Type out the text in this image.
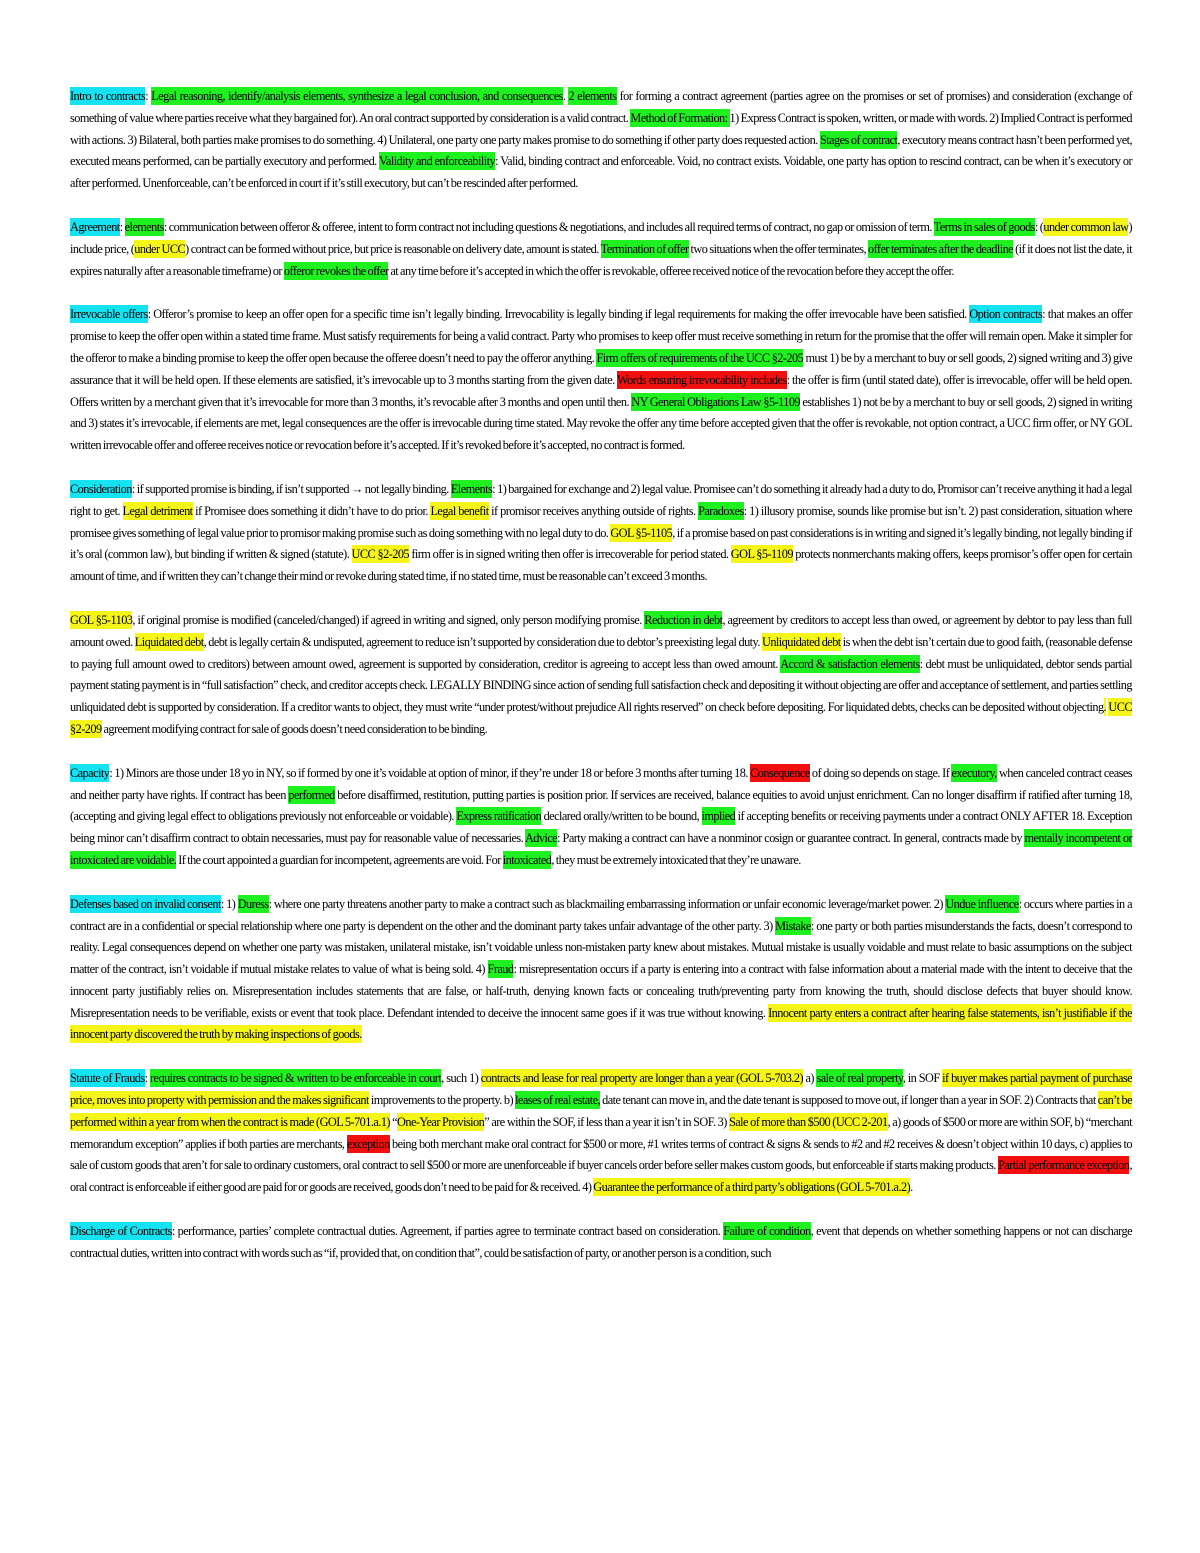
Intro to contracts: Legal reasoning, identify/analysis elements, synthesize a legal conclusion, and consequences. 2 elements for forming a contract agreement (parties agree on the promises or set of promises) and consideration (exchange of something of value where parties receive what they bargained for). An oral contract supported by consideration is a valid contract. Method of Formation: 1) Express Contract is spoken, written, or made with words. 2) Implied Contract is performed with actions. 3) Bilateral, both parties make promises to do something. 4) Unilateral, one party one party makes promise to do something if other party does requested action. Stages of contract, executory means contract hasn’t been performed yet, executed means performed, can be partially executory and performed. Validity and enforceability: Valid, binding contract and enforceable. Void, no contract exists. Voidable, one party has option to rescind contract, can be when it’s executory or after performed. Unenforceable, can’t be enforced in court if it’s still executory, but can’t be rescinded after performed.

Agreement: elements: communication between offeror & offeree, intent to form contract not including questions & negotiations, and includes all required terms of contract, no gap or omission of term. Terms in sales of goods: (under common law) include price, (under UCC) contract can be formed without price, but price is reasonable on delivery date, amount is stated. Termination of offer two situations when the offer terminates, offer terminates after the deadline (if it does not list the date, it expires naturally after a reasonable timeframe) or offeror revokes the offer at any time before it’s accepted in which the offer is revokable, offeree received notice of the revocation before they accept the offer.

Irrevocable offers: Offeror’s promise to keep an offer open for a specific time isn’t legally binding. Irrevocability is legally binding if legal requirements for making the offer irrevocable have been satisfied. Option contracts: that makes an offer promise to keep the offer open within a stated time frame. Must satisfy requirements for being a valid contract. Party who promises to keep offer must receive something in return for the promise that the offer will remain open. Make it simpler for the offeror to make a binding promise to keep the offer open because the offeree doesn’t need to pay the offeror anything. Firm offers of requirements of the UCC §2-205 must 1) be by a merchant to buy or sell goods, 2) signed writing and 3) give assurance that it will be held open. If these elements are satisfied, it’s irrevocable up to 3 months starting from the given date. Words ensuring irrevocability includes: the offer is firm (until stated date), offer is irrevocable, offer will be held open. Offers written by a merchant given that it’s irrevocable for more than 3 months, it’s revocable after 3 months and open until then. NY General Obligations Law §5-1109 establishes 1) not be by a merchant to buy or sell goods, 2) signed in writing and 3) states it’s irrevocable, if elements are met, legal consequences are the offer is irrevocable during time stated. May revoke the offer any time before accepted given that the offer is revokable, not option contract, a UCC firm offer, or NY GOL written irrevocable offer and offeree receives notice or revocation before it’s accepted. If it’s revoked before it’s accepted, no contract is formed.

Consideration: if supported promise is binding, if isn’t supported → not legally binding. Elements: 1) bargained for exchange and 2) legal value. Promisee can’t do something it already had a duty to do, Promisor can’t receive anything it had a legal right to get. Legal detriment if Promisee does something it didn’t have to do prior. Legal benefit if promisor receives anything outside of rights. Paradoxes: 1) illusory promise, sounds like promise but isn’t. 2) past consideration, situation where promisee gives something of legal value prior to promisor making promise such as doing something with no legal duty to do. GOL §5-1105, if a promise based on past considerations is in writing and signed it’s legally binding, not legally binding if it’s oral (common law), but binding if written & signed (statute). UCC §2-205 firm offer is in signed writing then offer is irrecoverable for period stated. GOL §5-1109 protects nonmerchants making offers, keeps promisor’s offer open for certain amount of time, and if written they can’t change their mind or revoke during stated time, if no stated time, must be reasonable can’t exceed 3 months.

GOL §5-1103, if original promise is modified (canceled/changed) if agreed in writing and signed, only person modifying promise. Reduction in debt, agreement by creditors to accept less than owed, or agreement by debtor to pay less than full amount owed. Liquidated debt, debt is legally certain & undisputed, agreement to reduce isn’t supported by consideration due to debtor’s preexisting legal duty. Unliquidated debt is when the debt isn’t certain due to good faith, (reasonable defense to paying full amount owed to creditors) between amount owed, agreement is supported by consideration, creditor is agreeing to accept less than owed amount. Accord & satisfaction elements: debt must be unliquidated, debtor sends partial payment stating payment is in “full satisfaction” check, and creditor accepts check. LEGALLY BINDING since action of sending full satisfaction check and depositing it without objecting are offer and acceptance of settlement, and parties settling unliquidated debt is supported by consideration. If a creditor wants to object, they must write “under protest/without prejudice All rights reserved” on check before depositing. For liquidated debts, checks can be deposited without objecting. UCC §2-209 agreement modifying contract for sale of goods doesn’t need consideration to be binding.

Capacity: 1) Minors are those under 18 yo in NY, so if formed by one it’s voidable at option of minor, if they’re under 18 or before 3 months after turning 18. Consequence of doing so depends on stage. If executory, when canceled contract ceases and neither party have rights. If contract has been performed before disaffirmed, restitution, putting parties is position prior. If services are received, balance equities to avoid unjust enrichment. Can no longer disaffirm if ratified after turning 18, (accepting and giving legal effect to obligations previously not enforceable or voidable). Express ratification declared orally/written to be bound, implied if accepting benefits or receiving payments under a contract ONLY AFTER 18. Exception being minor can’t disaffirm contract to obtain necessaries, must pay for reasonable value of necessaries. Advice: Party making a contract can have a nonminor cosign or guarantee contract. In general, contracts made by mentally incompetent or intoxicated are voidable. If the court appointed a guardian for incompetent, agreements are void. For intoxicated, they must be extremely intoxicated that they’re unaware.

Defenses based on invalid consent: 1) Duress: where one party threatens another party to make a contract such as blackmailing embarrassing information or unfair economic leverage/market power. 2) Undue influence: occurs where parties in a contract are in a confidential or special relationship where one party is dependent on the other and the dominant party takes unfair advantage of the other party. 3) Mistake: one party or both parties misunderstands the facts, doesn’t correspond to reality. Legal consequences depend on whether one party was mistaken, unilateral mistake, isn’t voidable unless non-mistaken party knew about mistakes. Mutual mistake is usually voidable and must relate to basic assumptions on the subject matter of the contract, isn’t voidable if mutual mistake relates to value of what is being sold. 4) Fraud: misrepresentation occurs if a party is entering into a contract with false information about a material made with the intent to deceive that the innocent party justifiably relies on. Misrepresentation includes statements that are false, or half-truth, denying known facts or concealing truth/preventing party from knowing the truth, should disclose defects that buyer should know. Misrepresentation needs to be verifiable, exists or event that took place. Defendant intended to deceive the innocent same goes if it was true without knowing. Innocent party enters a contract after hearing false statements, isn’t justifiable if the innocent party discovered the truth by making inspections of goods.

Statute of Frauds: requires contracts to be signed & written to be enforceable in court, such 1) contracts and lease for real property are longer than a year (GOL 5-703.2) a) sale of real property, in SOF if buyer makes partial payment of purchase price, moves into property with permission and the makes significant improvements to the property. b) leases of real estate, date tenant can move in, and the date tenant is supposed to move out, if longer than a year in SOF. 2) Contracts that can’t be performed within a year from when the contract is made (GOL 5-701.a.1) “One-Year Provision” are within the SOF, if less than a year it isn’t in SOF. 3) Sale of more than $500 (UCC 2-201, a) goods of $500 or more are within SOF, b) “merchant memorandum exception” applies if both parties are merchants, exception being both merchant make oral contract for $500 or more, #1 writes terms of contract & signs & sends to #2 and #2 receives & doesn’t object within 10 days, c) applies to sale of custom goods that aren’t for sale to ordinary customers, oral contract to sell $500 or more are unenforceable if buyer cancels order before seller makes custom goods, but enforceable if starts making products. Partial performance exception, oral contract is enforceable if either good are paid for or goods are received, goods don’t need to be paid for & received. 4) Guarantee the performance of a third party’s obligations (GOL 5-701.a.2).

Discharge of Contracts: performance, parties’ complete contractual duties. Agreement, if parties agree to terminate contract based on consideration. Failure of condition, event that depends on whether something happens or not can discharge contractual duties, written into contract with words such as “if, provided that, on condition that”, could be satisfaction of party, or another person is a condition, such
